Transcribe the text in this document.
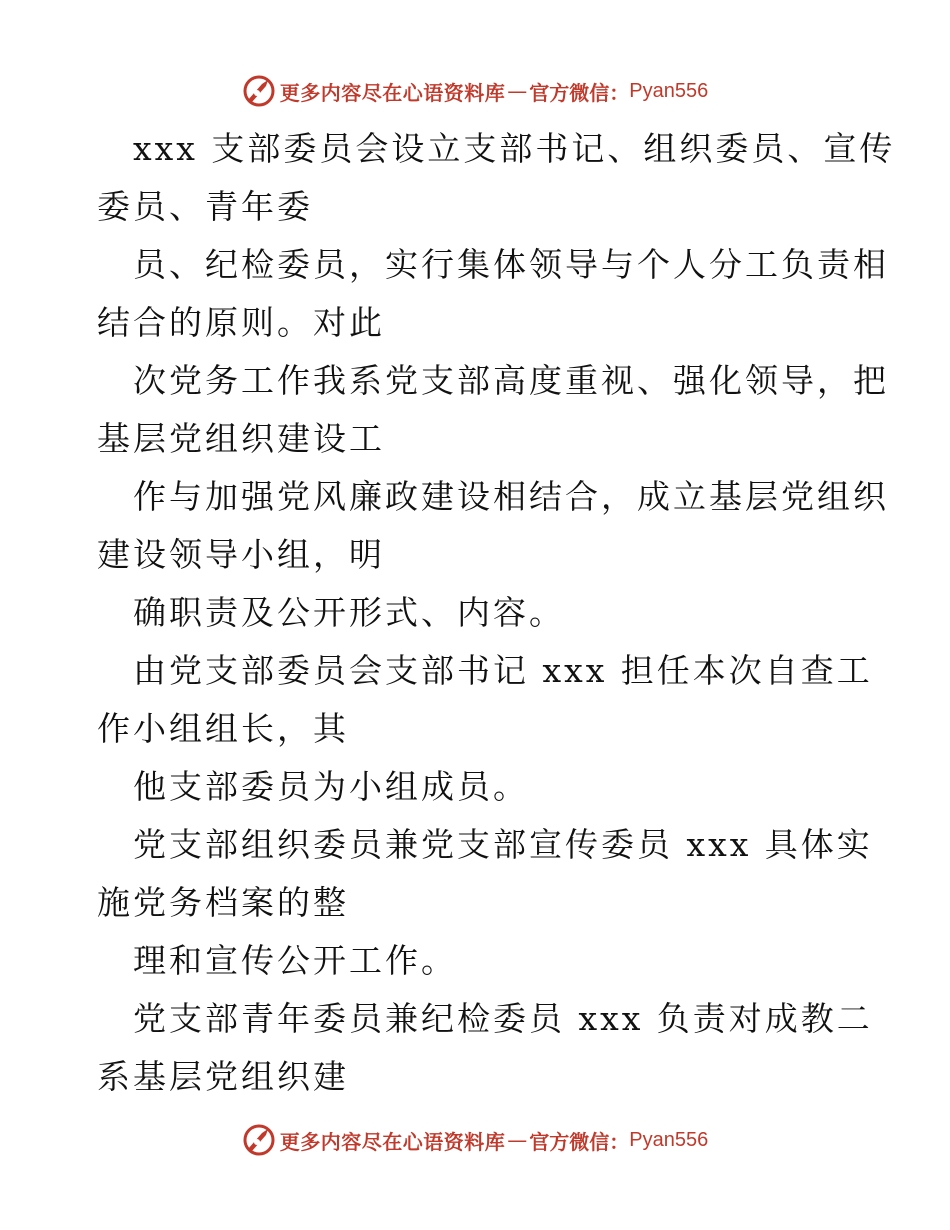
更多内容尽在心语资料库 — 官方微信： Pyan556
xxx 支部委员会设立支部书记、组织委员、宣传
委员、青年委
员、纪检委员，实行集体领导与个人分工负责相
结合的原则。对此
次党务工作我系党支部高度重视、强化领导，把
基层党组织建设工
作与加强党风廉政建设相结合，成立基层党组织
建设领导小组，明
确职责及公开形式、内容。
由党支部委员会支部书记 xxx 担任本次自查工
作小组组长，其
他支部委员为小组成员。
党支部组织委员兼党支部宣传委员 xxx 具体实
施党务档案的整
理和宣传公开工作。
党支部青年委员兼纪检委员 xxx 负责对成教二
系基层党组织建
更多内容尽在心语资料库 — 官方微信： Pyan556
